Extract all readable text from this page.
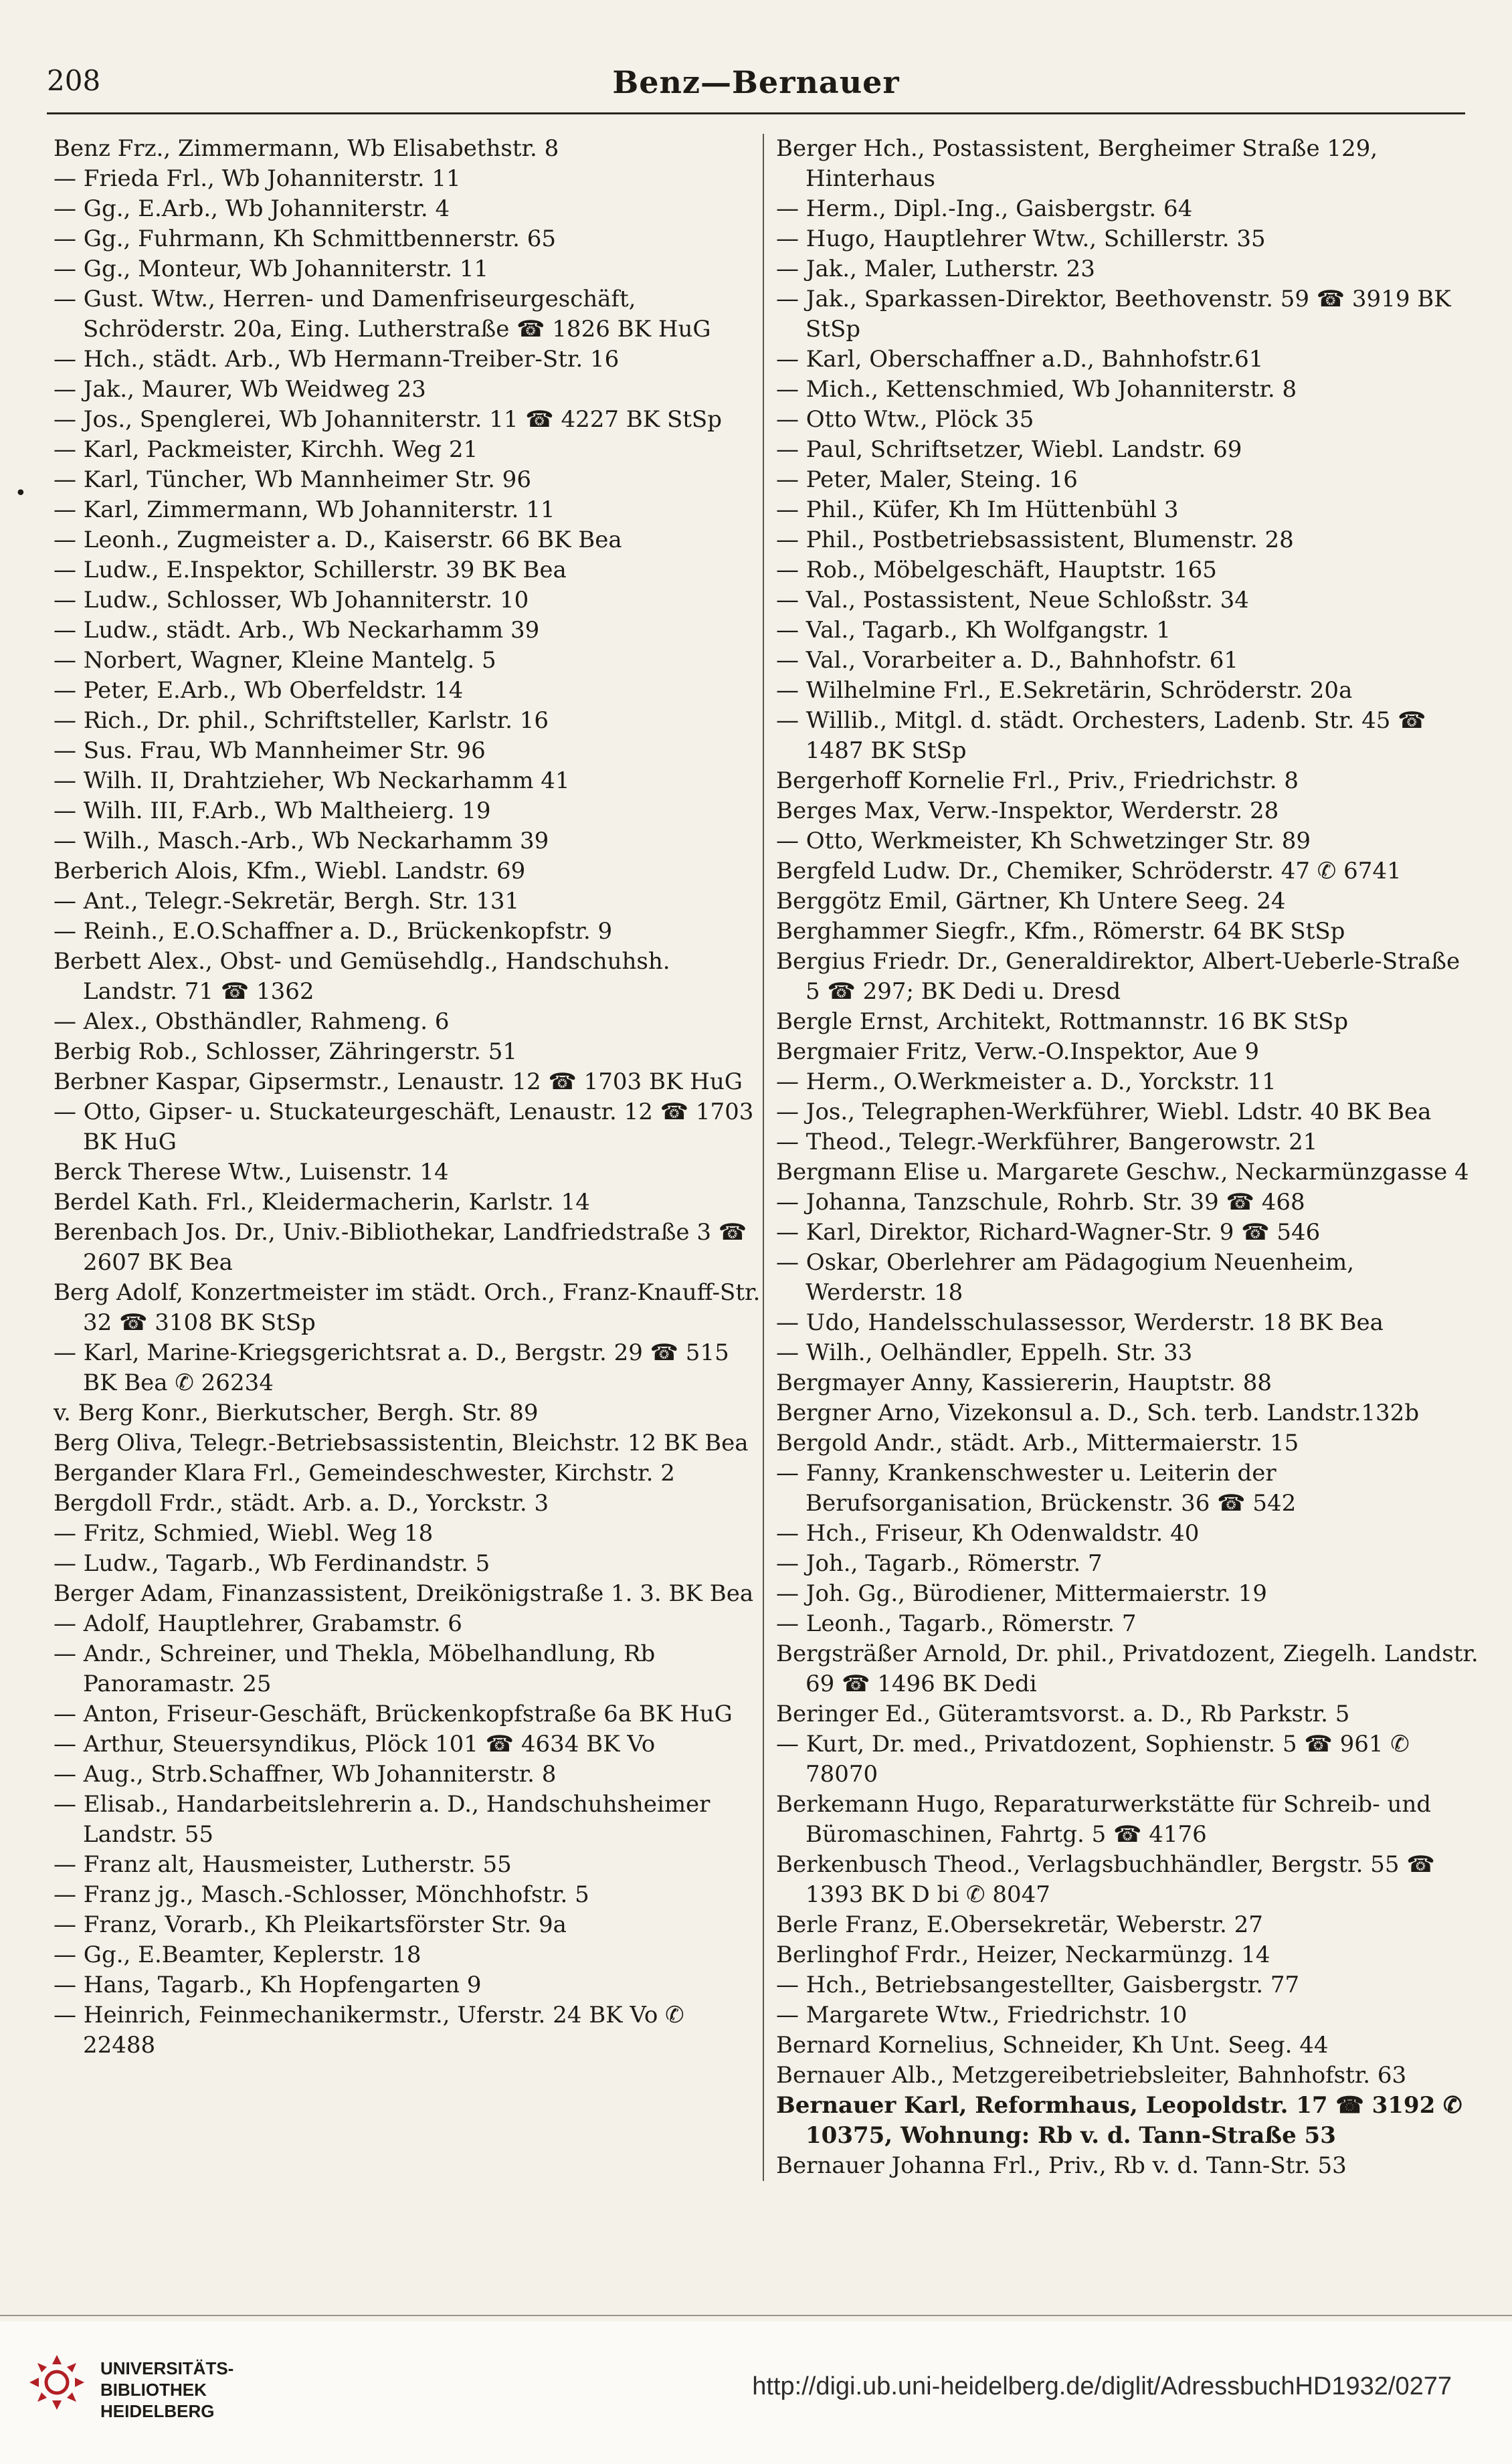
208	Benz—Bernauer
•

Benz Frz., Zimmermann, Wb Elisabethstr. 8

— Frieda Frl., Wb Johanniterstr. 11

— Gg., E.Arb., Wb Johanniterstr. 4

— Gg., Fuhrmann, Kh Schmittbennerstr. 65

— Gg., Monteur, Wb Johanniterstr. 11

— Gust. Wtw., Herren- und Damenfriseurgeschäft, Schröderstr. 20a, Eing. Lutherstraße ☎ 1826 BK HuG

— Hch., städt. Arb., Wb Hermann-Treiber-Str. 16

— Jak., Maurer, Wb Weidweg 23

— Jos., Spenglerei, Wb Johanniterstr. 11 ☎ 4227 BK StSp

— Karl, Packmeister, Kirchh. Weg 21

— Karl, Tüncher, Wb Mannheimer Str. 96

— Karl, Zimmermann, Wb Johanniterstr. 11

— Leonh., Zugmeister a. D., Kaiserstr. 66 BK Bea

— Ludw., E.Inspektor, Schillerstr. 39 BK Bea

— Ludw., Schlosser, Wb Johanniterstr. 10

— Ludw., städt. Arb., Wb Neckarhamm 39

— Norbert, Wagner, Kleine Mantelg. 5

— Peter, E.Arb., Wb Oberfeldstr. 14

— Rich., Dr. phil., Schriftsteller, Karlstr. 16

— Sus. Frau, Wb Mannheimer Str. 96

— Wilh. II, Drahtzieher, Wb Neckarhamm 41

— Wilh. III, F.Arb., Wb Maltheierg. 19

— Wilh., Masch.-Arb., Wb Neckarhamm 39

Berberich Alois, Kfm., Wiebl. Landstr. 69

— Ant., Telegr.-Sekretär, Bergh. Str. 131

— Reinh., E.O.Schaffner a. D., Brückenkopfstr. 9

Berbett Alex., Obst- und Gemüsehdlg., Handschuhsh. Landstr. 71 ☎ 1362

— Alex., Obsthändler, Rahmeng. 6

Berbig Rob., Schlosser, Zähringerstr. 51

Berbner Kaspar, Gipsermstr., Lenaustr. 12 ☎ 1703 BK HuG

— Otto, Gipser- u. Stuckateurgeschäft, Lenaustr. 12 ☎ 1703 BK HuG

Berck Therese Wtw., Luisenstr. 14

Berdel Kath. Frl., Kleidermacherin, Karlstr. 14

Berenbach Jos. Dr., Univ.-Bibliothekar, Landfriedstraße 3 ☎ 2607 BK Bea

Berg Adolf, Konzertmeister im städt. Orch., Franz-Knauff-Str. 32 ☎ 3108 BK StSp

— Karl, Marine-Kriegsgerichtsrat a. D., Bergstr. 29 ☎ 515 BK Bea ✆ 26234

v. Berg Konr., Bierkutscher, Bergh. Str. 89

Berg Oliva, Telegr.-Betriebsassistentin, Bleichstr. 12 BK Bea

Bergander Klara Frl., Gemeindeschwester, Kirchstr. 2

Bergdoll Frdr., städt. Arb. a. D., Yorckstr. 3

— Fritz, Schmied, Wiebl. Weg 18

— Ludw., Tagarb., Wb Ferdinandstr. 5

Berger Adam, Finanzassistent, Dreikönigstraße 1. 3. BK Bea

— Adolf, Hauptlehrer, Grabamstr. 6

— Andr., Schreiner, und Thekla, Möbelhandlung, Rb Panoramastr. 25

— Anton, Friseur-Geschäft, Brückenkopfstraße 6a BK HuG

— Arthur, Steuersyndikus, Plöck 101 ☎ 4634 BK Vo

— Aug., Strb.Schaffner, Wb Johanniterstr. 8

— Elisab., Handarbeitslehrerin a. D., Handschuhsheimer Landstr. 55

— Franz alt, Hausmeister, Lutherstr. 55

— Franz jg., Masch.-Schlosser, Mönchhofstr. 5

— Franz, Vorarb., Kh Pleikartsförster Str. 9a

— Gg., E.Beamter, Keplerstr. 18

— Hans, Tagarb., Kh Hopfengarten 9

— Heinrich, Feinmechanikermstr., Uferstr. 24 BK Vo ✆ 22488

Berger Hch., Postassistent, Bergheimer Straße 129, Hinterhaus

— Herm., Dipl.-Ing., Gaisbergstr. 64

— Hugo, Hauptlehrer Wtw., Schillerstr. 35

— Jak., Maler, Lutherstr. 23

— Jak., Sparkassen-Direktor, Beethovenstr. 59 ☎ 3919 BK StSp

— Karl, Oberschaffner a.D., Bahnhofstr.61

— Mich., Kettenschmied, Wb Johanniterstr. 8

— Otto Wtw., Plöck 35

— Paul, Schriftsetzer, Wiebl. Landstr. 69

— Peter, Maler, Steing. 16

— Phil., Küfer, Kh Im Hüttenbühl 3

— Phil., Postbetriebsassistent, Blumenstr. 28

— Rob., Möbelgeschäft, Hauptstr. 165

— Val., Postassistent, Neue Schloßstr. 34

— Val., Tagarb., Kh Wolfgangstr. 1

— Val., Vorarbeiter a. D., Bahnhofstr. 61

— Wilhelmine Frl., E.Sekretärin, Schröderstr. 20a

— Willib., Mitgl. d. städt. Orchesters, Ladenb. Str. 45 ☎ 1487 BK StSp

Bergerhoff Kornelie Frl., Priv., Friedrichstr. 8

Berges Max, Verw.-Inspektor, Werderstr. 28

— Otto, Werkmeister, Kh Schwetzinger Str. 89

Bergfeld Ludw. Dr., Chemiker, Schröderstr. 47 ✆ 6741

Berggötz Emil, Gärtner, Kh Untere Seeg. 24

Berghammer Siegfr., Kfm., Römerstr. 64 BK StSp

Bergius Friedr. Dr., Generaldirektor, Albert-Ueberle-Straße 5 ☎ 297; BK Dedi u. Dresd

Bergle Ernst, Architekt, Rottmannstr. 16 BK StSp

Bergmaier Fritz, Verw.-O.Inspektor, Aue 9

— Herm., O.Werkmeister a. D., Yorckstr. 11

— Jos., Telegraphen-Werkführer, Wiebl. Ldstr. 40 BK Bea

— Theod., Telegr.-Werkführer, Bangerowstr. 21

Bergmann Elise u. Margarete Geschw., Neckarmünzgasse 4

— Johanna, Tanzschule, Rohrb. Str. 39 ☎ 468

— Karl, Direktor, Richard-Wagner-Str. 9 ☎ 546

— Oskar, Oberlehrer am Pädagogium Neuenheim, Werderstr. 18

— Udo, Handelsschulassessor, Werderstr. 18 BK Bea

— Wilh., Oelhändler, Eppelh. Str. 33

Bergmayer Anny, Kassiererin, Hauptstr. 88

Bergner Arno, Vizekonsul a. D., Sch. terb. Landstr.132b

Bergold Andr., städt. Arb., Mittermaierstr. 15

— Fanny, Krankenschwester u. Leiterin der Berufsorganisation, Brückenstr. 36 ☎ 542

— Hch., Friseur, Kh Odenwaldstr. 40

— Joh., Tagarb., Römerstr. 7

— Joh. Gg., Bürodiener, Mittermaierstr. 19

— Leonh., Tagarb., Römerstr. 7

Bergsträßer Arnold, Dr. phil., Privatdozent, Ziegelh. Landstr. 69 ☎ 1496 BK Dedi

Beringer Ed., Güteramtsvorst. a. D., Rb Parkstr. 5

— Kurt, Dr. med., Privatdozent, Sophienstr. 5 ☎ 961 ✆ 78070

Berkemann Hugo, Reparaturwerkstätte für Schreib- und Büromaschinen, Fahrtg. 5 ☎ 4176

Berkenbusch Theod., Verlagsbuchhändler, Bergstr. 55 ☎ 1393 BK D bi ✆ 8047

Berle Franz, E.Obersekretär, Weberstr. 27

Berlinghof Frdr., Heizer, Neckarmünzg. 14

— Hch., Betriebsangestellter, Gaisbergstr. 77

— Margarete Wtw., Friedrichstr. 10

Bernard Kornelius, Schneider, Kh Unt. Seeg. 44

Bernauer Alb., Metzgereibetriebsleiter, Bahnhofstr. 63

Bernauer Karl, Reformhaus, Leopoldstr. 17 ☎ 3192 ✆ 10375, Wohnung: Rb v. d. Tann-Straße 53

Bernauer Johanna Frl., Priv., Rb v. d. Tann-Str. 53

UNIVERSITÄTS-
BIBLIOTHEK
HEIDELBERG
http://digi.ub.uni-heidelberg.de/diglit/AdressbuchHD1932/0277
